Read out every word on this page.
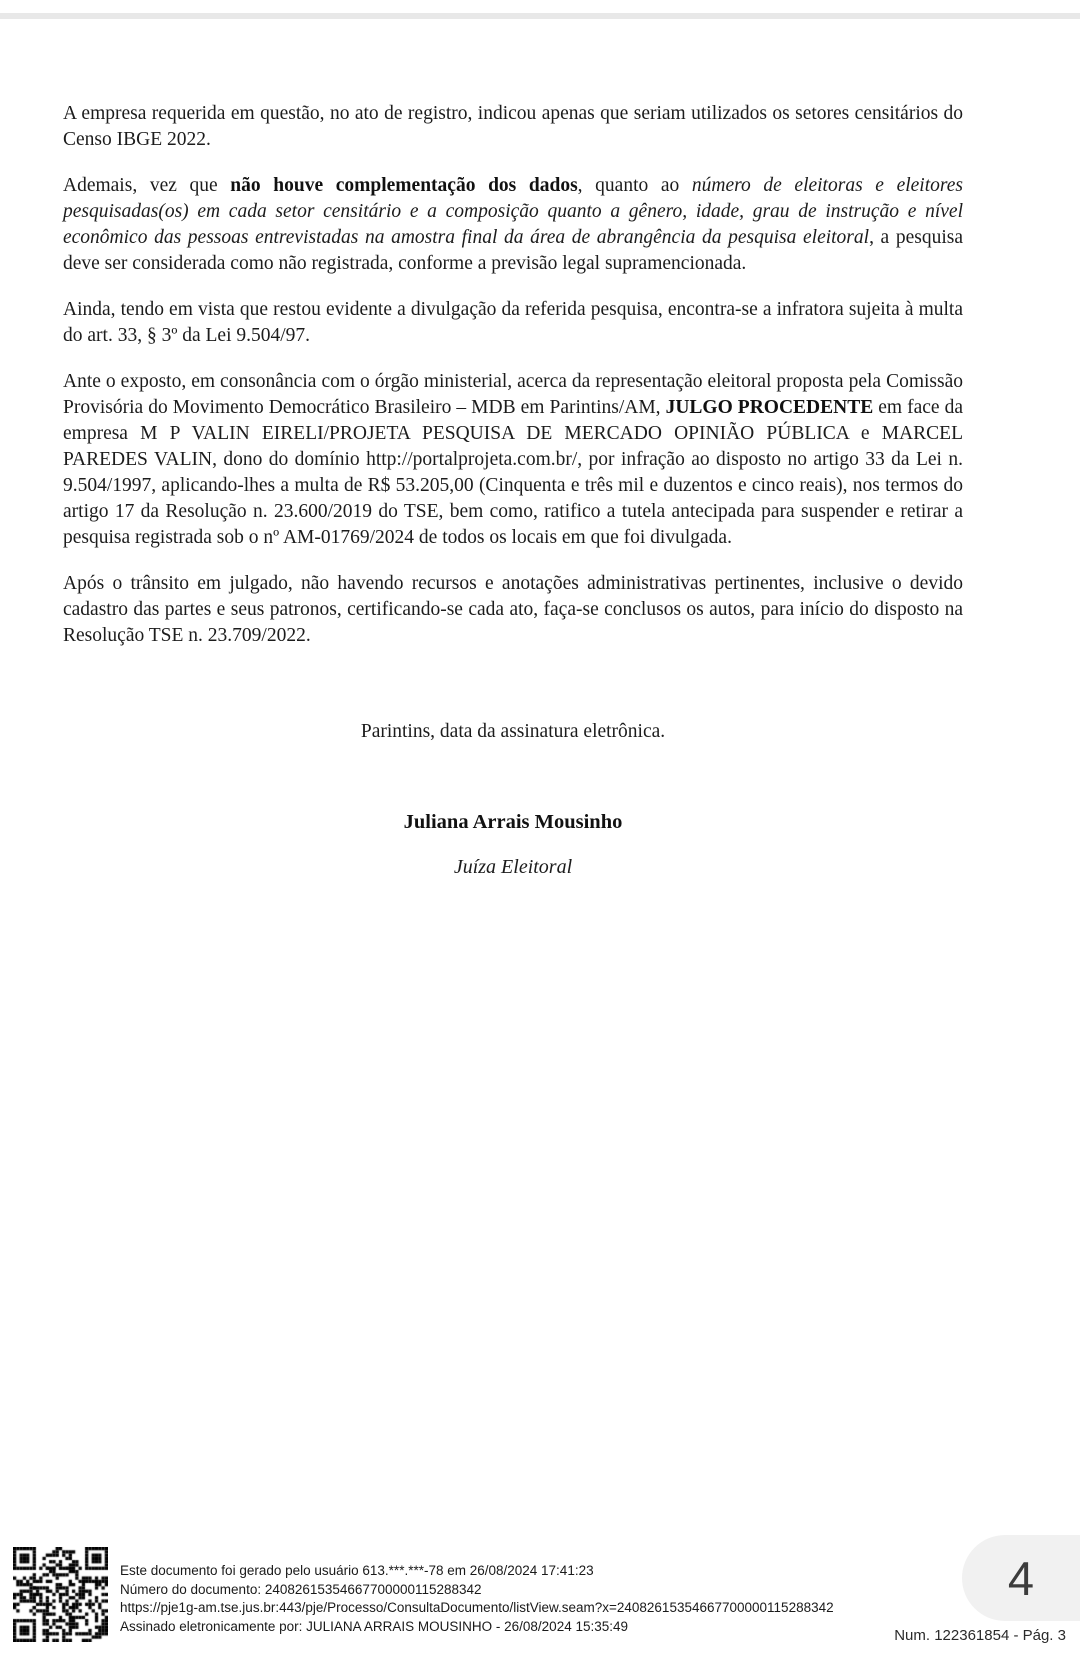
A empresa requerida em questão, no ato de registro, indicou apenas que seriam utilizados os setores censitários do Censo IBGE 2022.

Ademais, vez que não houve complementação dos dados, quanto ao número de eleitoras e eleitores pesquisadas(os) em cada setor censitário e a composição quanto a gênero, idade, grau de instrução e nível econômico das pessoas entrevistadas na amostra final da área de abrangência da pesquisa eleitoral, a pesquisa deve ser considerada como não registrada, conforme a previsão legal supramencionada.

Ainda, tendo em vista que restou evidente a divulgação da referida pesquisa, encontra-se a infratora sujeita à multa do art. 33, § 3º da Lei 9.504/97.

Ante o exposto, em consonância com o órgão ministerial, acerca da representação eleitoral proposta pela Comissão Provisória do Movimento Democrático Brasileiro – MDB em Parintins/AM, JULGO PROCEDENTE em face da empresa M P VALIN EIRELI/PROJETA PESQUISA DE MERCADO OPINIÃO PÚBLICA e MARCEL PAREDES VALIN, dono do domínio http://portalprojeta.com.br/, por infração ao disposto no artigo 33 da Lei n. 9.504/1997, aplicando-lhes a multa de R$ 53.205,00 (Cinquenta e três mil e duzentos e cinco reais), nos termos do artigo 17 da Resolução n. 23.600/2019 do TSE, bem como, ratifico a tutela antecipada para suspender e retirar a pesquisa registrada sob o nº AM-01769/2024 de todos os locais em que foi divulgada.

Após o trânsito em julgado, não havendo recursos e anotações administrativas pertinentes, inclusive o devido cadastro das partes e seus patronos, certificando-se cada ato, faça-se conclusos os autos, para início do disposto na Resolução TSE n. 23.709/2022.

Parintins, data da assinatura eletrônica.
Juliana Arrais Mousinho
Juíza Eleitoral
Este documento foi gerado pelo usuário 613.***.***-78 em 26/08/2024 17:41:23
Número do documento: 24082615354667700000115288342
https://pje1g-am.tse.jus.br:443/pje/Processo/ConsultaDocumento/listView.seam?x=24082615354667700000115288342
Assinado eletronicamente por: JULIANA ARRAIS MOUSINHO - 26/08/2024 15:35:49
4
Num. 122361854 - Pág. 3
